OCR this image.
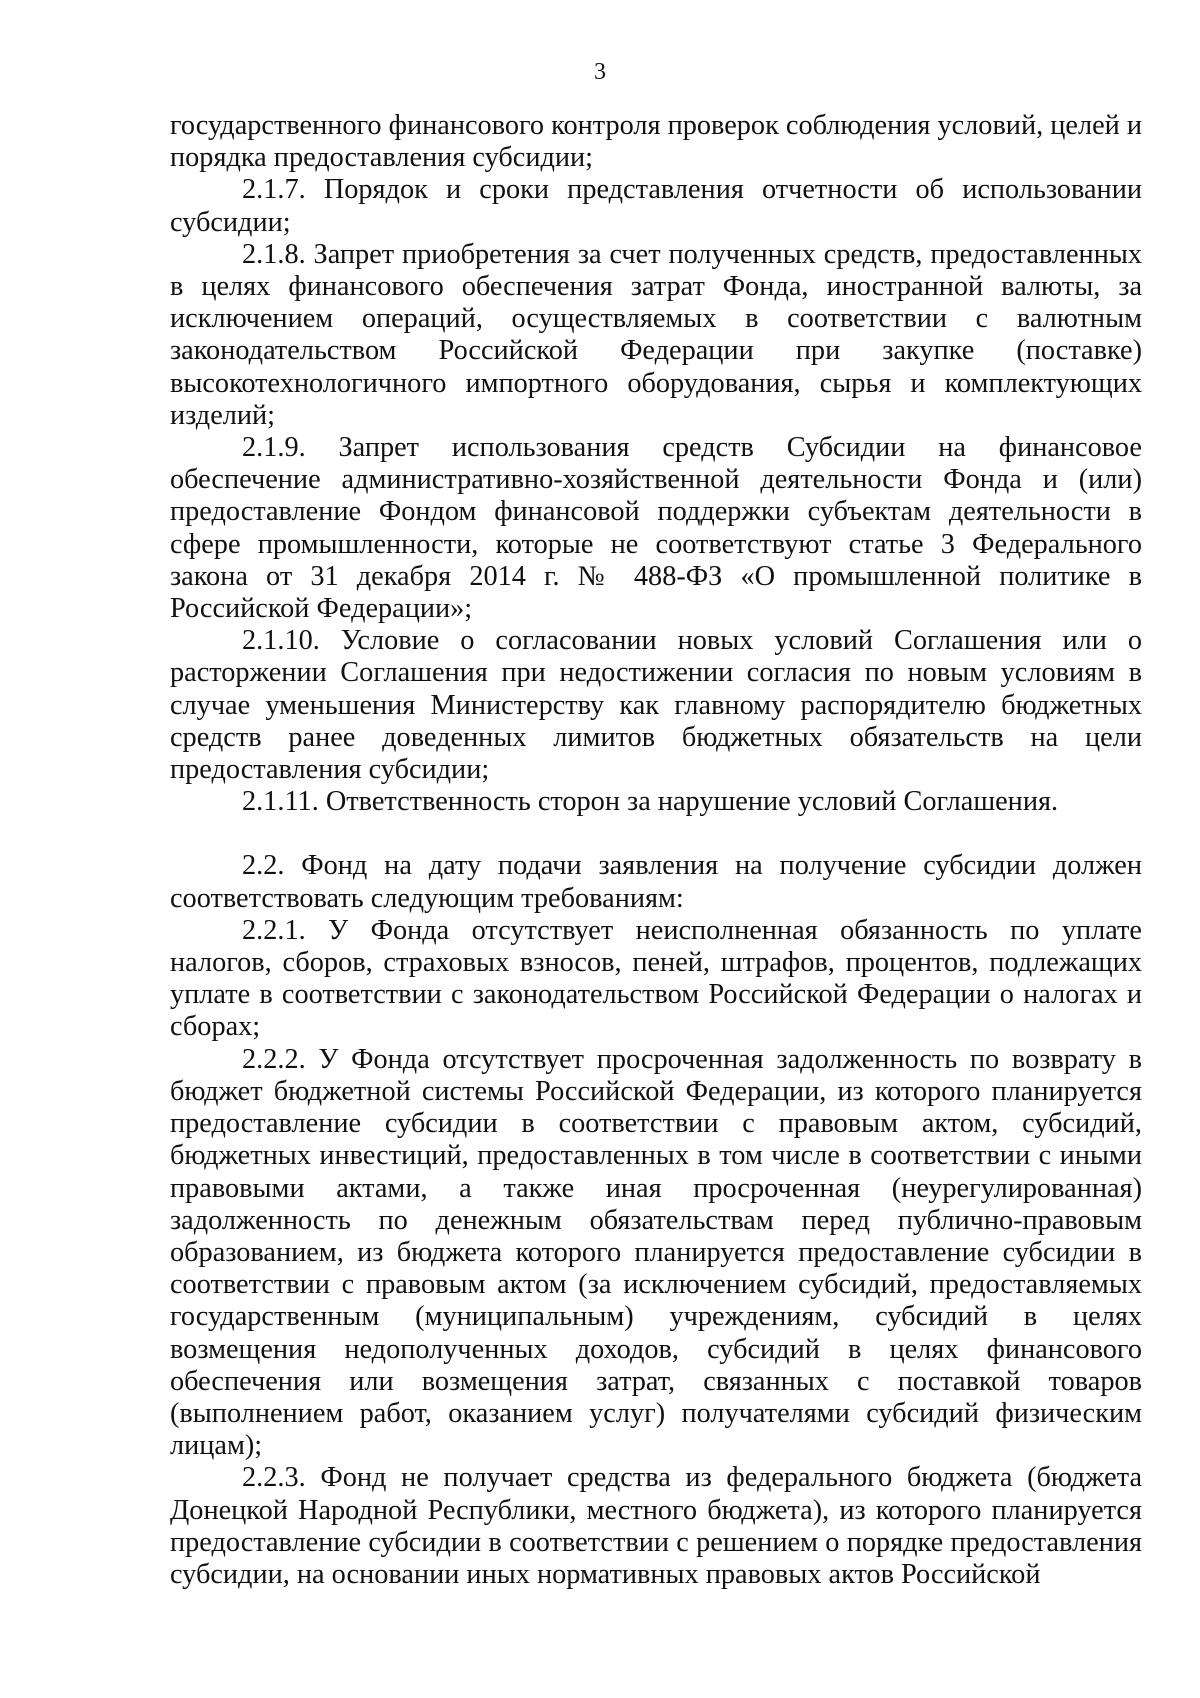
3

государственного финансового контроля проверок соблюдения условий, целей и порядка предоставления субсидии;

2.1.7. Порядок и сроки представления отчетности об использовании субсидии;

2.1.8. Запрет приобретения за счет полученных средств, предоставленных в целях финансового обеспечения затрат Фонда, иностранной валюты, за исключением операций, осуществляемых в соответствии с валютным законодательством Российской Федерации при закупке (поставке) высокотехнологичного импортного оборудования, сырья и комплектующих изделий;

2.1.9. Запрет использования средств Субсидии на финансовое обеспечение административно-хозяйственной деятельности Фонда и (или) предоставление Фондом финансовой поддержки субъектам деятельности в сфере промышленности, которые не соответствуют статье 3 Федерального закона от 31 декабря 2014 г. № 488-ФЗ «О промышленной политике в Российской Федерации»;

2.1.10. Условие о согласовании новых условий Соглашения или о расторжении Соглашения при недостижении согласия по новым условиям в случае уменьшения Министерству как главному распорядителю бюджетных средств ранее доведенных лимитов бюджетных обязательств на цели предоставления субсидии;

2.1.11. Ответственность сторон за нарушение условий Соглашения.

2.2. Фонд на дату подачи заявления на получение субсидии должен соответствовать следующим требованиям:

2.2.1. У Фонда отсутствует неисполненная обязанность по уплате налогов, сборов, страховых взносов, пеней, штрафов, процентов, подлежащих уплате в соответствии с законодательством Российской Федерации о налогах и сборах;

2.2.2. У Фонда отсутствует просроченная задолженность по возврату в бюджет бюджетной системы Российской Федерации, из которого планируется предоставление субсидии в соответствии с правовым актом, субсидий, бюджетных инвестиций, предоставленных в том числе в соответствии с иными правовыми актами, а также иная просроченная (неурегулированная) задолженность по денежным обязательствам перед публично-правовым образованием, из бюджета которого планируется предоставление субсидии в соответствии с правовым актом (за исключением субсидий, предоставляемых государственным (муниципальным) учреждениям, субсидий в целях возмещения недополученных доходов, субсидий в целях финансового обеспечения или возмещения затрат, связанных с поставкой товаров (выполнением работ, оказанием услуг) получателями субсидий физическим лицам);

2.2.3. Фонд не получает средства из федерального бюджета (бюджета Донецкой Народной Республики, местного бюджета), из которого планируется предоставление субсидии в соответствии с решением о порядке предоставления субсидии, на основании иных нормативных правовых актов Российской
